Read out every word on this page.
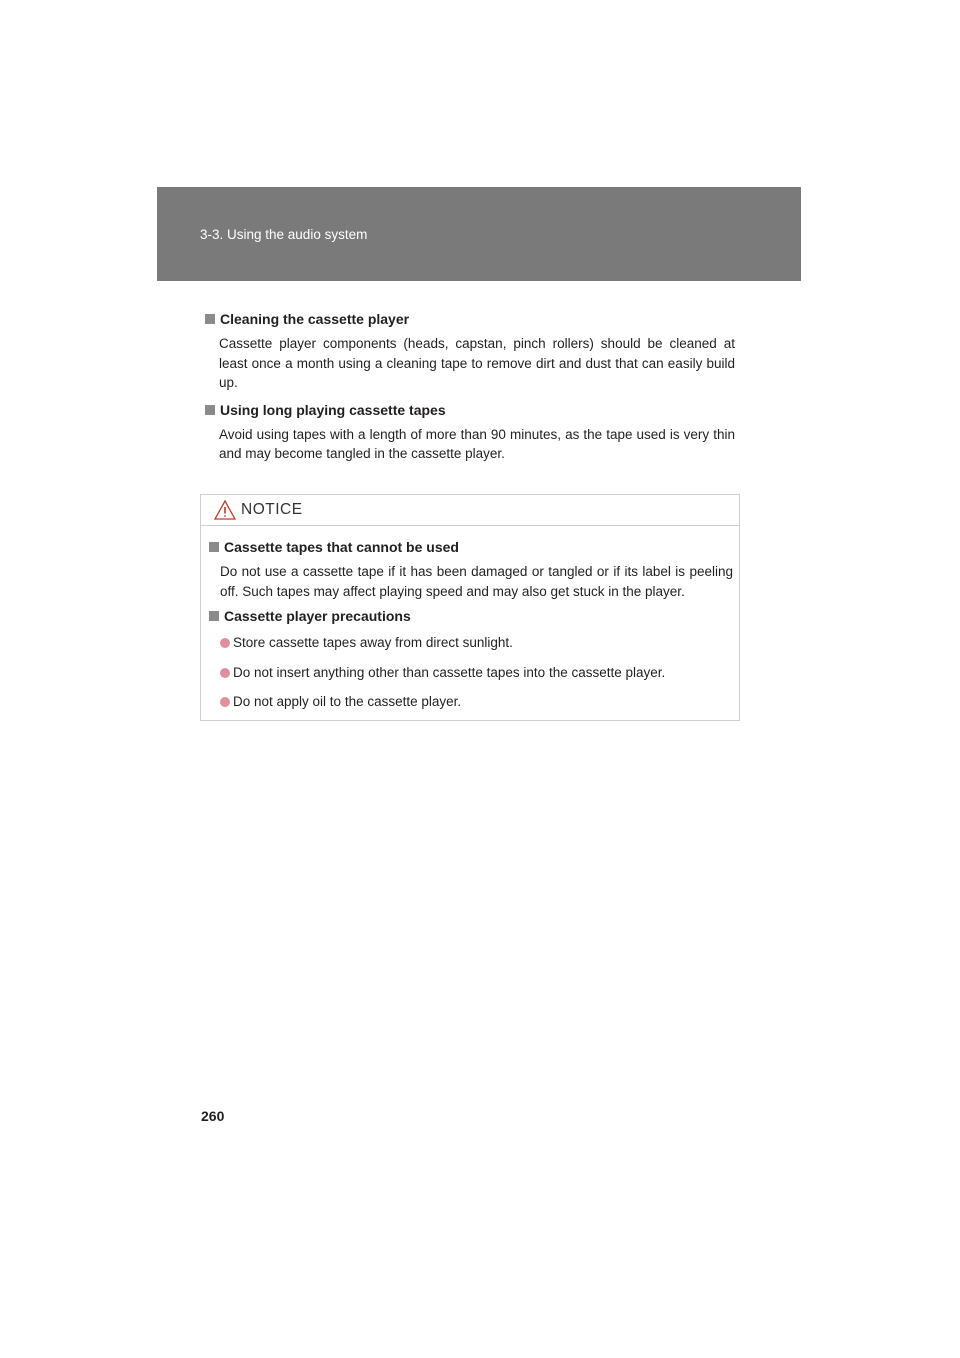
3-3. Using the audio system

Cleaning the cassette player

Cassette player components (heads, capstan, pinch rollers) should be cleaned at least once a month using a cleaning tape to remove dirt and dust that can easily build up.

Using long playing cassette tapes

Avoid using tapes with a length of more than 90 minutes, as the tape used is very thin and may become tangled in the cassette player.

NOTICE

Cassette tapes that cannot be used

Do not use a cassette tape if it has been damaged or tangled or if its label is peeling off. Such tapes may affect playing speed and may also get stuck in the player.

Cassette player precautions

Store cassette tapes away from direct sunlight.
Do not insert anything other than cassette tapes into the cassette player.
Do not apply oil to the cassette player.
260
